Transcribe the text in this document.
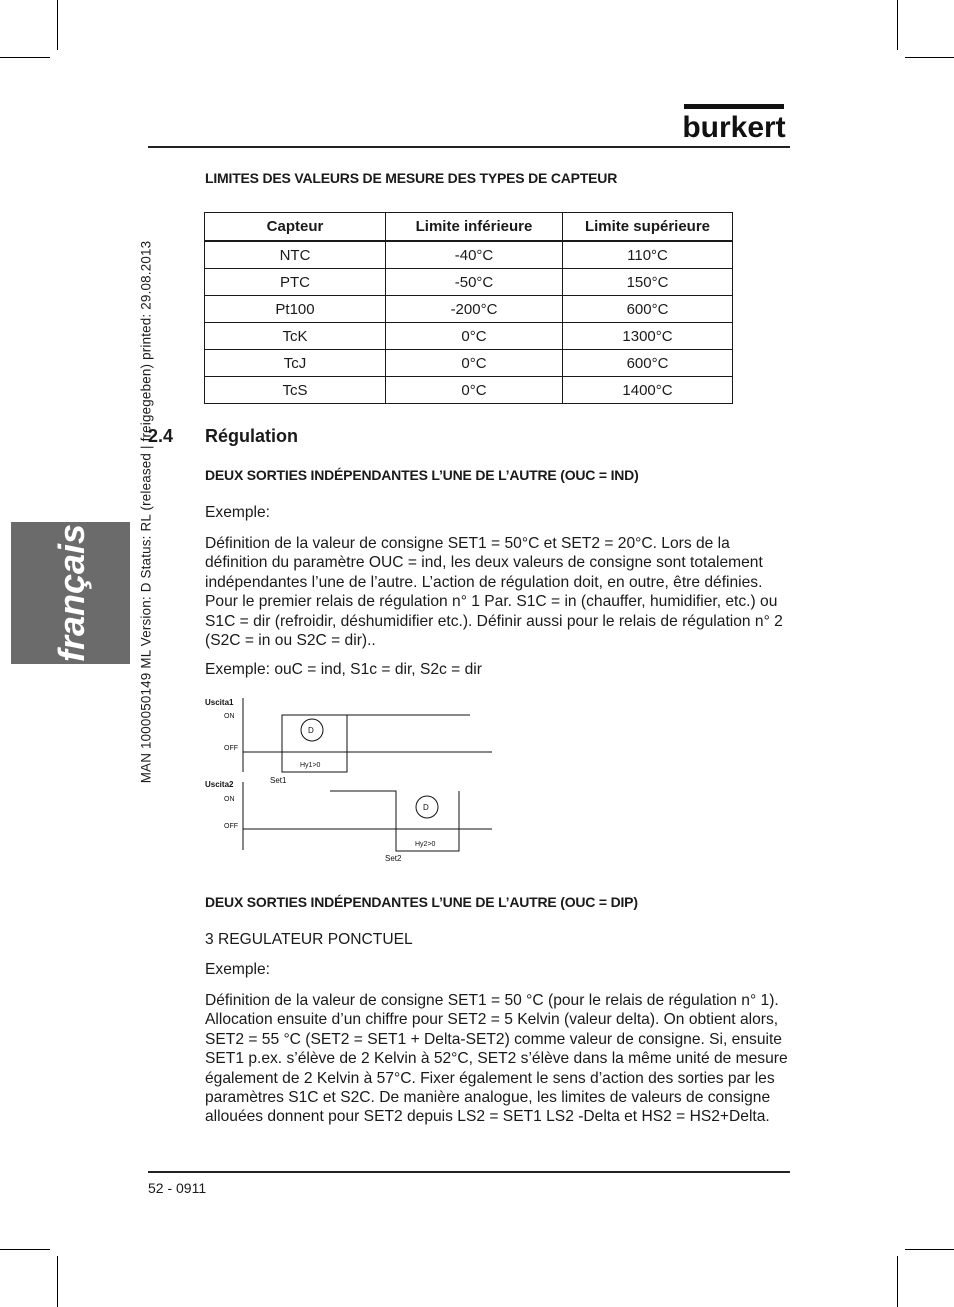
burkert
français	MAN 1000050149 ML Version: D Status: RL (released | freigegeben) printed: 29.08.2013
LIMITES DES VALEURS DE MESURE DES TYPES DE CAPTEUR
Capteur	Limite inférieure	Limite supérieure
NTC	-40°C	110°C
PTC	-50°C	150°C
Pt100	-200°C	600°C
TcK	0°C	1300°C
TcJ	0°C	600°C
TcS	0°C	1400°C
2.4 Régulation
DEUX SORTIES INDÉPENDANTES L’UNE DE L’AUTRE (OUC = IND)
Exemple:
Définition de la valeur de consigne SET1 = 50°C et SET2 = 20°C. Lors de la définition du paramètre OUC = ind, les deux valeurs de consigne sont totalement indépendantes l’une de l’autre. L’action de régulation doit, en outre, être définies. Pour le premier relais de régulation n° 1 Par. S1C = in (chauffer, humidifier, etc.) ou S1C = dir (refroidir, déshumidifier etc.). Définir aussi pour le relais de régulation n° 2 (S2C = in ou S2C = dir)..
Exemple: ouC = ind, S1c = dir, S2c = dir
Uscita1
ON
OFF
Set1
Hy1>0
D
Uscita2
ON
OFF
Set2
Hy2>0
D
DEUX SORTIES INDÉPENDANTES L’UNE DE L’AUTRE (OUC = DIP)
3 REGULATEUR PONCTUEL
Exemple:
Définition de la valeur de consigne SET1 = 50 °C (pour le relais de régulation n° 1). Allocation ensuite d’un chiffre pour SET2 = 5 Kelvin (valeur delta). On obtient alors, SET2 = 55 °C (SET2 = SET1 + Delta-SET2) comme valeur de consigne. Si, ensuite SET1 p.ex. s’élève de 2 Kelvin à 52°C, SET2 s’élève dans la même unité de mesure également de 2 Kelvin à 57°C. Fixer également le sens d’action des sorties par les paramètres S1C et S2C. De manière analogue, les limites de valeurs de consigne allouées donnent pour SET2 depuis LS2 = SET1 LS2 -Delta et HS2 = HS2+Delta.
52 - 0911
